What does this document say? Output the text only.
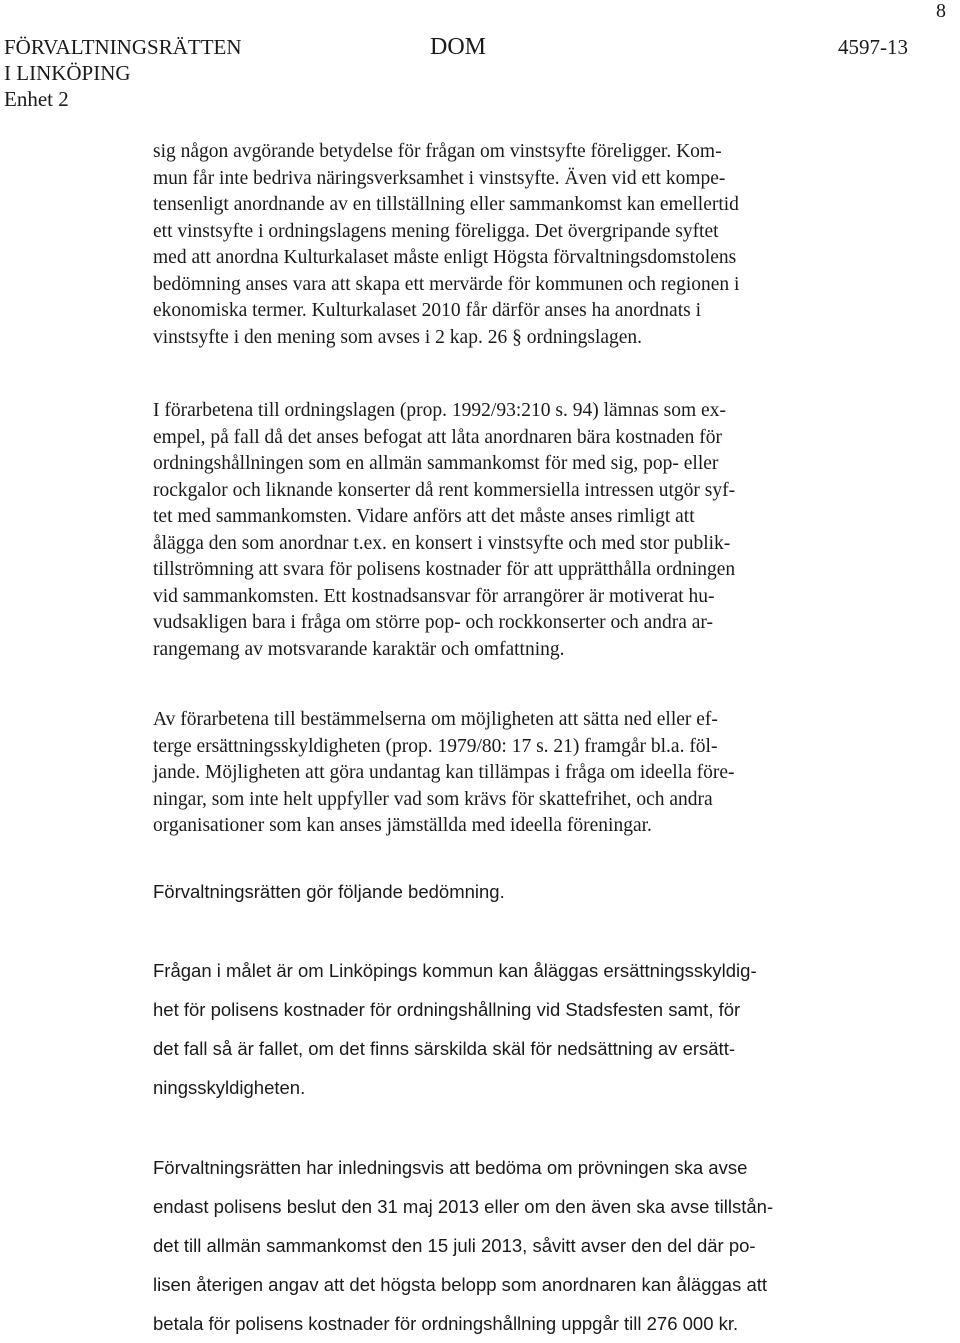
FÖRVALTNINGSRÄTTEN
I LINKÖPING
Enhet 2
DOM	4597-13
8
sig någon avgörande betydelse för frågan om vinstsyfte föreligger. Kom-
mun får inte bedriva näringsverksamhet i vinstsyfte. Även vid ett kompe-
tensenligt anordnande av en tillställning eller sammankomst kan emellertid
ett vinstsyfte i ordningslagens mening föreligga. Det övergripande syftet
med att anordna Kulturkalaset måste enligt Högsta förvaltningsdomstolens
bedömning anses vara att skapa ett mervärde för kommunen och regionen i
ekonomiska termer. Kulturkalaset 2010 får därför anses ha anordnats i
vinstsyfte i den mening som avses i 2 kap. 26 § ordningslagen.
I förarbetena till ordningslagen (prop. 1992/93:210 s. 94) lämnas som ex-
empel, på fall då det anses befogat att låta anordnaren bära kostnaden för
ordningshållningen som en allmän sammankomst för med sig, pop- eller
rockgalor och liknande konserter då rent kommersiella intressen utgör syf-
tet med sammankomsten. Vidare anförs att det måste anses rimligt att
ålägga den som anordnar t.ex. en konsert i vinstsyfte och med stor publik-
tillströmning att svara för polisens kostnader för att upprätthålla ordningen
vid sammankomsten. Ett kostnadsansvar för arrangörer är motiverat hu-
vudsakligen bara i fråga om större pop- och rockkonserter och andra ar-
rangemang av motsvarande karaktär och omfattning.
Av förarbetena till bestämmelserna om möjligheten att sätta ned eller ef-
terge ersättningsskyldigheten (prop. 1979/80: 17 s. 21) framgår bl.a. föl-
jande. Möjligheten att göra undantag kan tillämpas i fråga om ideella före-
ningar, som inte helt uppfyller vad som krävs för skattefrihet, och andra
organisationer som kan anses jämställda med ideella föreningar.
Förvaltningsrätten gör följande bedömning.
Frågan i målet är om Linköpings kommun kan åläggas ersättningsskyldig-
het för polisens kostnader för ordningshållning vid Stadsfesten samt, för
det fall så är fallet, om det finns särskilda skäl för nedsättning av ersätt-
ningsskyldigheten.
Förvaltningsrätten har inledningsvis att bedöma om prövningen ska avse
endast polisens beslut den 31 maj 2013 eller om den även ska avse tillstån-
det till allmän sammankomst den 15 juli 2013, såvitt avser den del där po-
lisen återigen angav att det högsta belopp som anordnaren kan åläggas att
betala för polisens kostnader för ordningshållning uppgår till 276 000 kr.
